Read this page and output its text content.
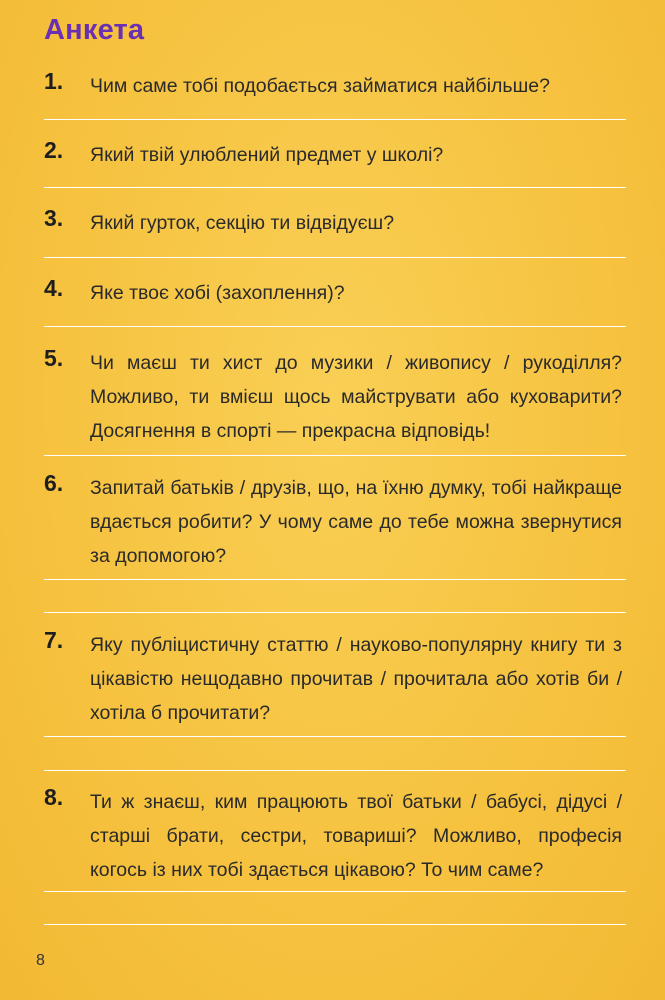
Анкета
1. Чим саме тобі подобається займатися найбільше?
2. Який твій улюблений предмет у школі?
3. Який гурток, секцію ти відвідуєш?
4. Яке твоє хобі (захоплення)?
5. Чи маєш ти хист до музики / живопису / рукоділля? Можливо, ти вмієш щось майструвати або куховарити? Досягнення в спорті — прекрасна відповідь!
6. Запитай батьків / друзів, що, на їхню думку, тобі найкраще вдається робити? У чому саме до тебе можна звернутися за допомогою?
7. Яку публіцистичну статтю / науково-популярну книгу ти з цікавістю нещодавно прочитав / прочитала або хотів би / хотіла б прочитати?
8. Ти ж знаєш, ким працюють твої батьки / бабусі, дідусі / старші брати, сестри, товариші? Можливо, професія когось із них тобі здається цікавою? То чим саме?
8
